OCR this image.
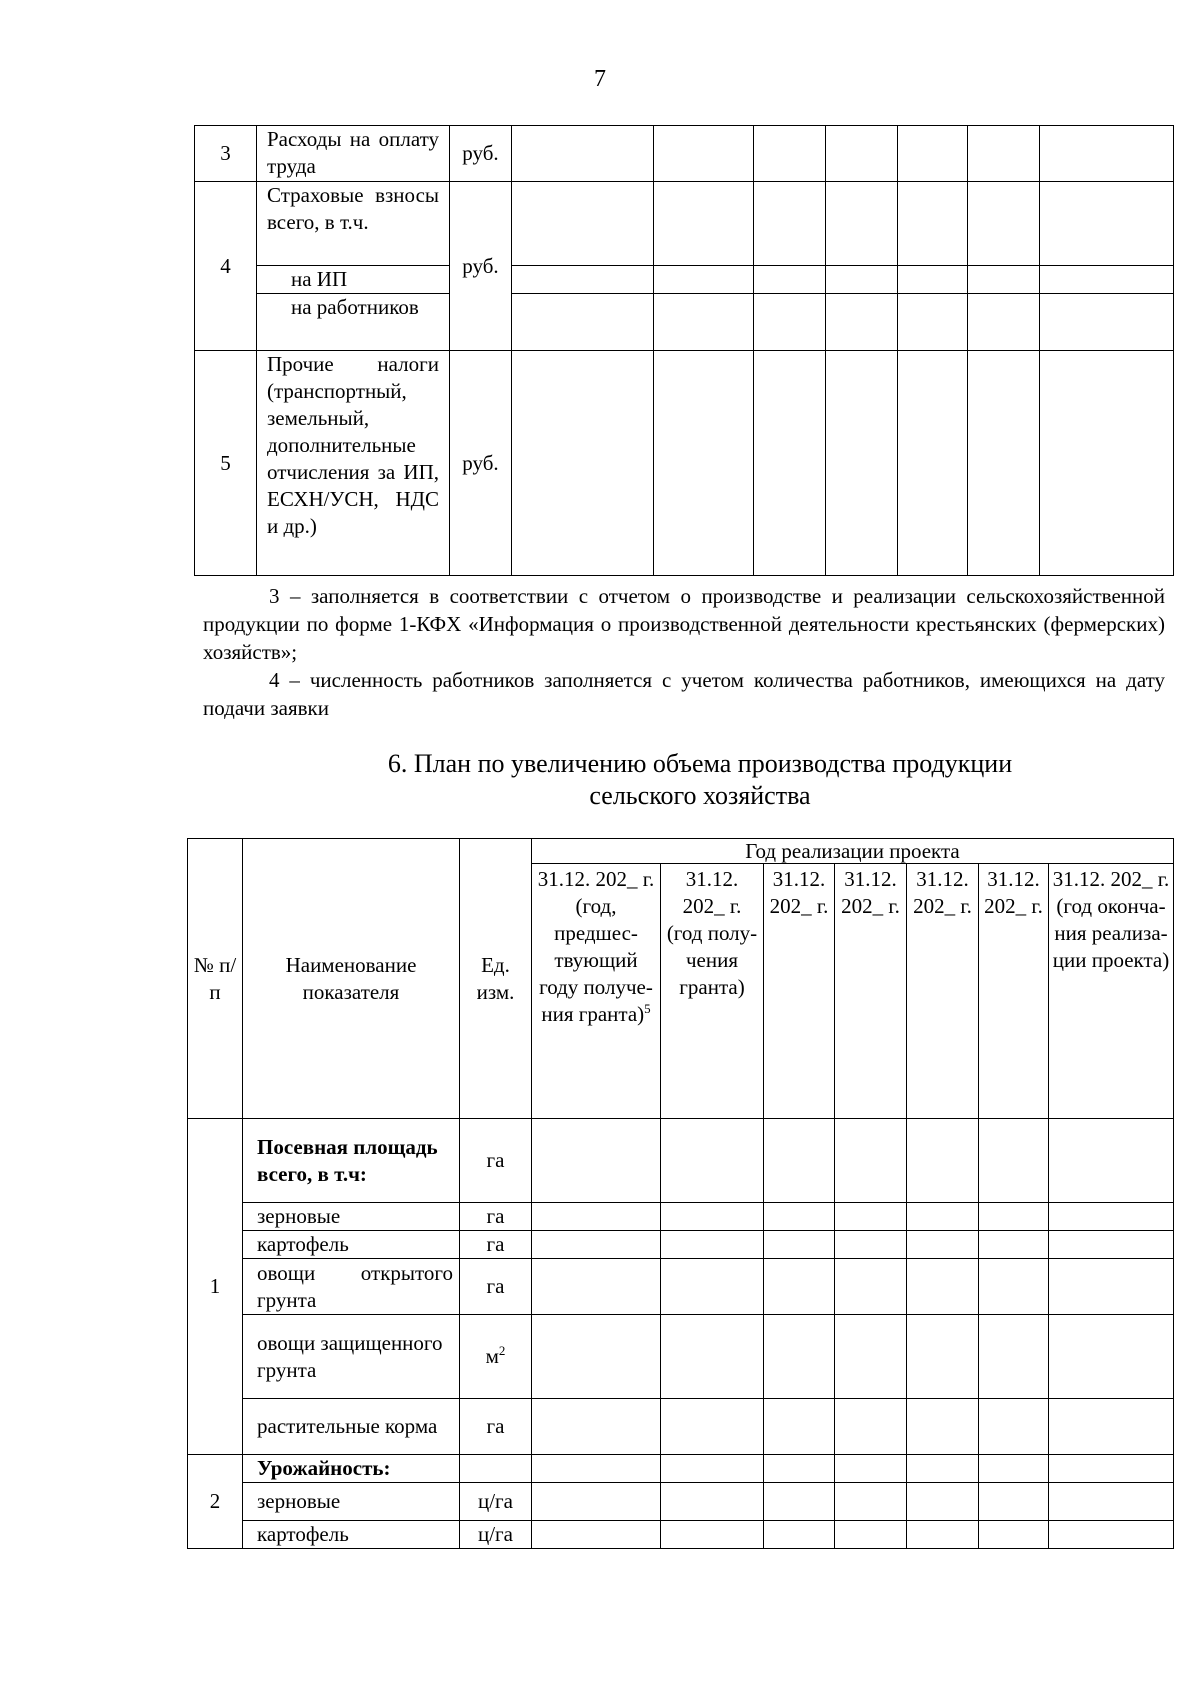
7
3	Расходы на оплату труда	руб.							
4	Страховые взносы всего, в т.ч.	руб.							
	на ИП								
	на работников								
5	Прочие налоги (транспортный, земельный, дополнительные отчисления за ИП, ЕСХН/УСН, НДС и др.)	руб.							

3 – заполняется в соответствии с отчетом о производстве и реализации сельскохозяйственной продукции по форме 1-КФХ «Информация о производственной деятельности крестьянских (фермерских) хозяйств»;

4 – численность работников заполняется с учетом количества работников, имеющихся на дату подачи заявки

6. План по увеличению объема производства продукции
сельского хозяйства
№ п/п	Наименование показателя	Ед. изм.	Год реализации проекта						
			31.12. 202_ г. (год, предшес- твующий году получе- ния гранта)$^5$	31.12. 202_ г. (год полу- чения гранта)	31.12. 202_ г.	31.12. 202_ г.	31.12. 202_ г.	31.12. 202_ г.	31.12. 202_ г. (год оконча- ния реализа- ции проекта)
1	Посевная площадь всего, в т.ч:	га							
	зерновые	га							
	картофель	га							
	овощи открытого грунта	га							
	овощи защищенного грунта	$м^2$							
	растительные корма	га							
2	Урожайность:								
	зерновые	ц/га							
	картофель	ц/га							
